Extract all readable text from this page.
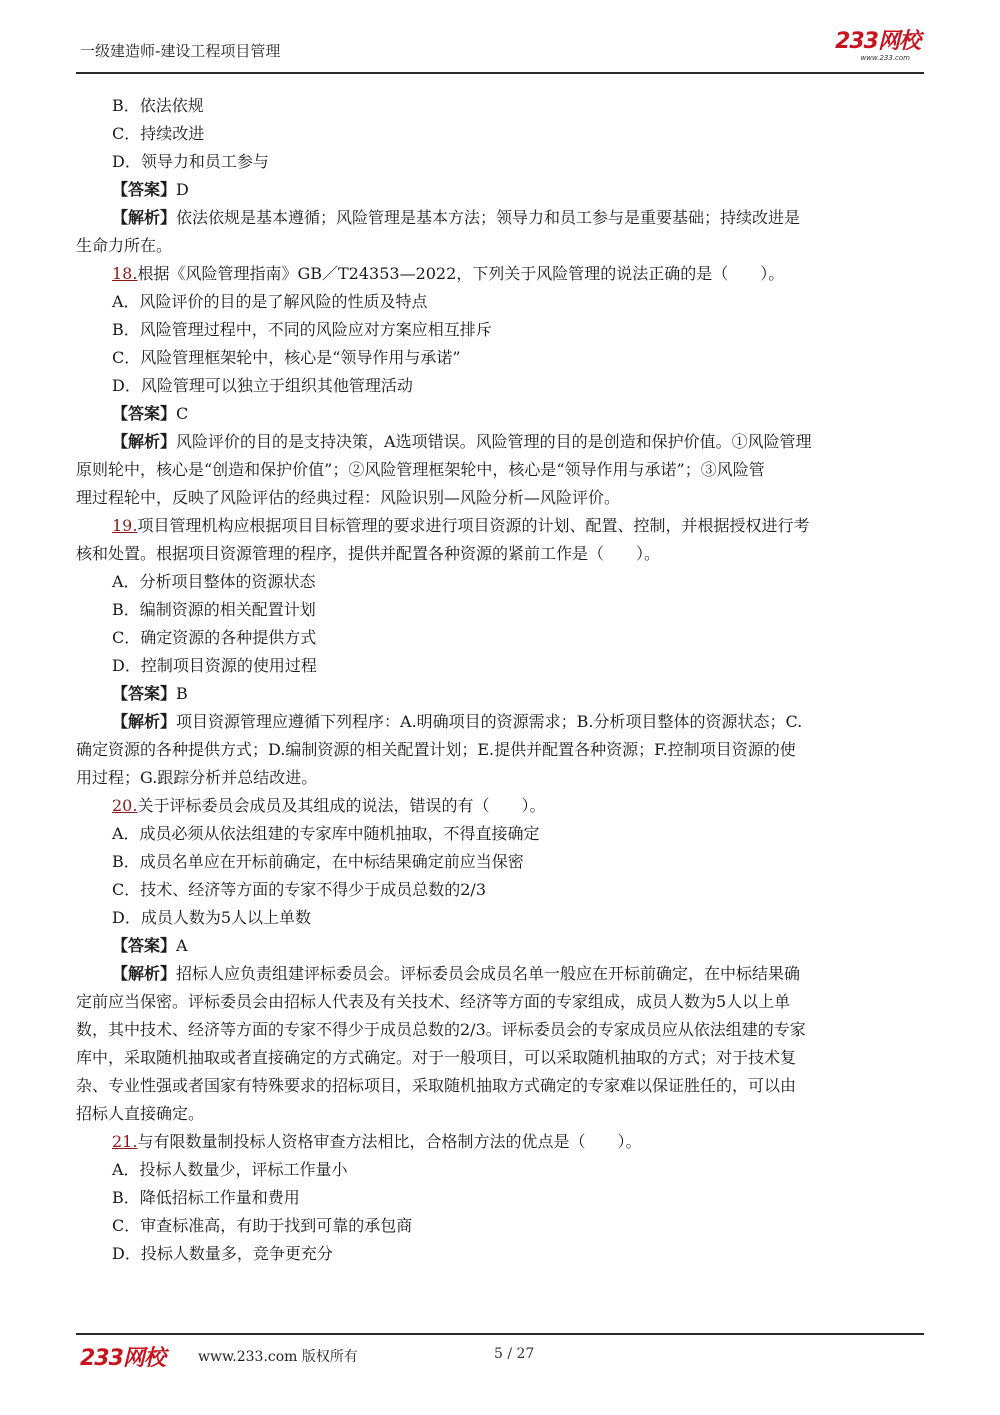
一级建造师-建设工程项目管理	233网校
www.233.com
B．依法依规
C．持续改进
D．领导力和员工参与
【答案】D
【解析】依法依规是基本遵循；风险管理是基本方法；领导力和员工参与是重要基础；持续改进是
生命力所在。
18.根据《风险管理指南》GB／T24353—2022，下列关于风险管理的说法正确的是（　　）。
A．风险评价的目的是了解风险的性质及特点
B．风险管理过程中，不同的风险应对方案应相互排斥
C．风险管理框架轮中，核心是“领导作用与承诺”
D．风险管理可以独立于组织其他管理活动
【答案】C
【解析】风险评价的目的是支持决策，A选项错误。风险管理的目的是创造和保护价值。①风险管理
原则轮中，核心是“创造和保护价值”；②风险管理框架轮中，核心是“领导作用与承诺”；③风险管
理过程轮中，反映了风险评估的经典过程：风险识别—风险分析—风险评价。
19.项目管理机构应根据项目目标管理的要求进行项目资源的计划、配置、控制，并根据授权进行考
核和处置。根据项目资源管理的程序，提供并配置各种资源的紧前工作是（　　）。
A．分析项目整体的资源状态
B．编制资源的相关配置计划
C．确定资源的各种提供方式
D．控制项目资源的使用过程
【答案】B
【解析】项目资源管理应遵循下列程序：A.明确项目的资源需求；B.分析项目整体的资源状态；C.
确定资源的各种提供方式；D.编制资源的相关配置计划；E.提供并配置各种资源；F.控制项目资源的使
用过程；G.跟踪分析并总结改进。
20.关于评标委员会成员及其组成的说法，错误的有（　　）。
A．成员必须从依法组建的专家库中随机抽取，不得直接确定
B．成员名单应在开标前确定，在中标结果确定前应当保密
C．技术、经济等方面的专家不得少于成员总数的2/3
D．成员人数为5人以上单数
【答案】A
【解析】招标人应负责组建评标委员会。评标委员会成员名单一般应在开标前确定，在中标结果确
定前应当保密。评标委员会由招标人代表及有关技术、经济等方面的专家组成，成员人数为5人以上单
数，其中技术、经济等方面的专家不得少于成员总数的2/3。评标委员会的专家成员应从依法组建的专家
库中，采取随机抽取或者直接确定的方式确定。对于一般项目，可以采取随机抽取的方式；对于技术复
杂、专业性强或者国家有特殊要求的招标项目，采取随机抽取方式确定的专家难以保证胜任的，可以由
招标人直接确定。
21.与有限数量制投标人资格审查方法相比，合格制方法的优点是（　　）。
A．投标人数量少，评标工作量小
B．降低招标工作量和费用
C．审查标准高，有助于找到可靠的承包商
D．投标人数量多，竞争更充分
233网校 www.233.com 版权所有	5 / 27
